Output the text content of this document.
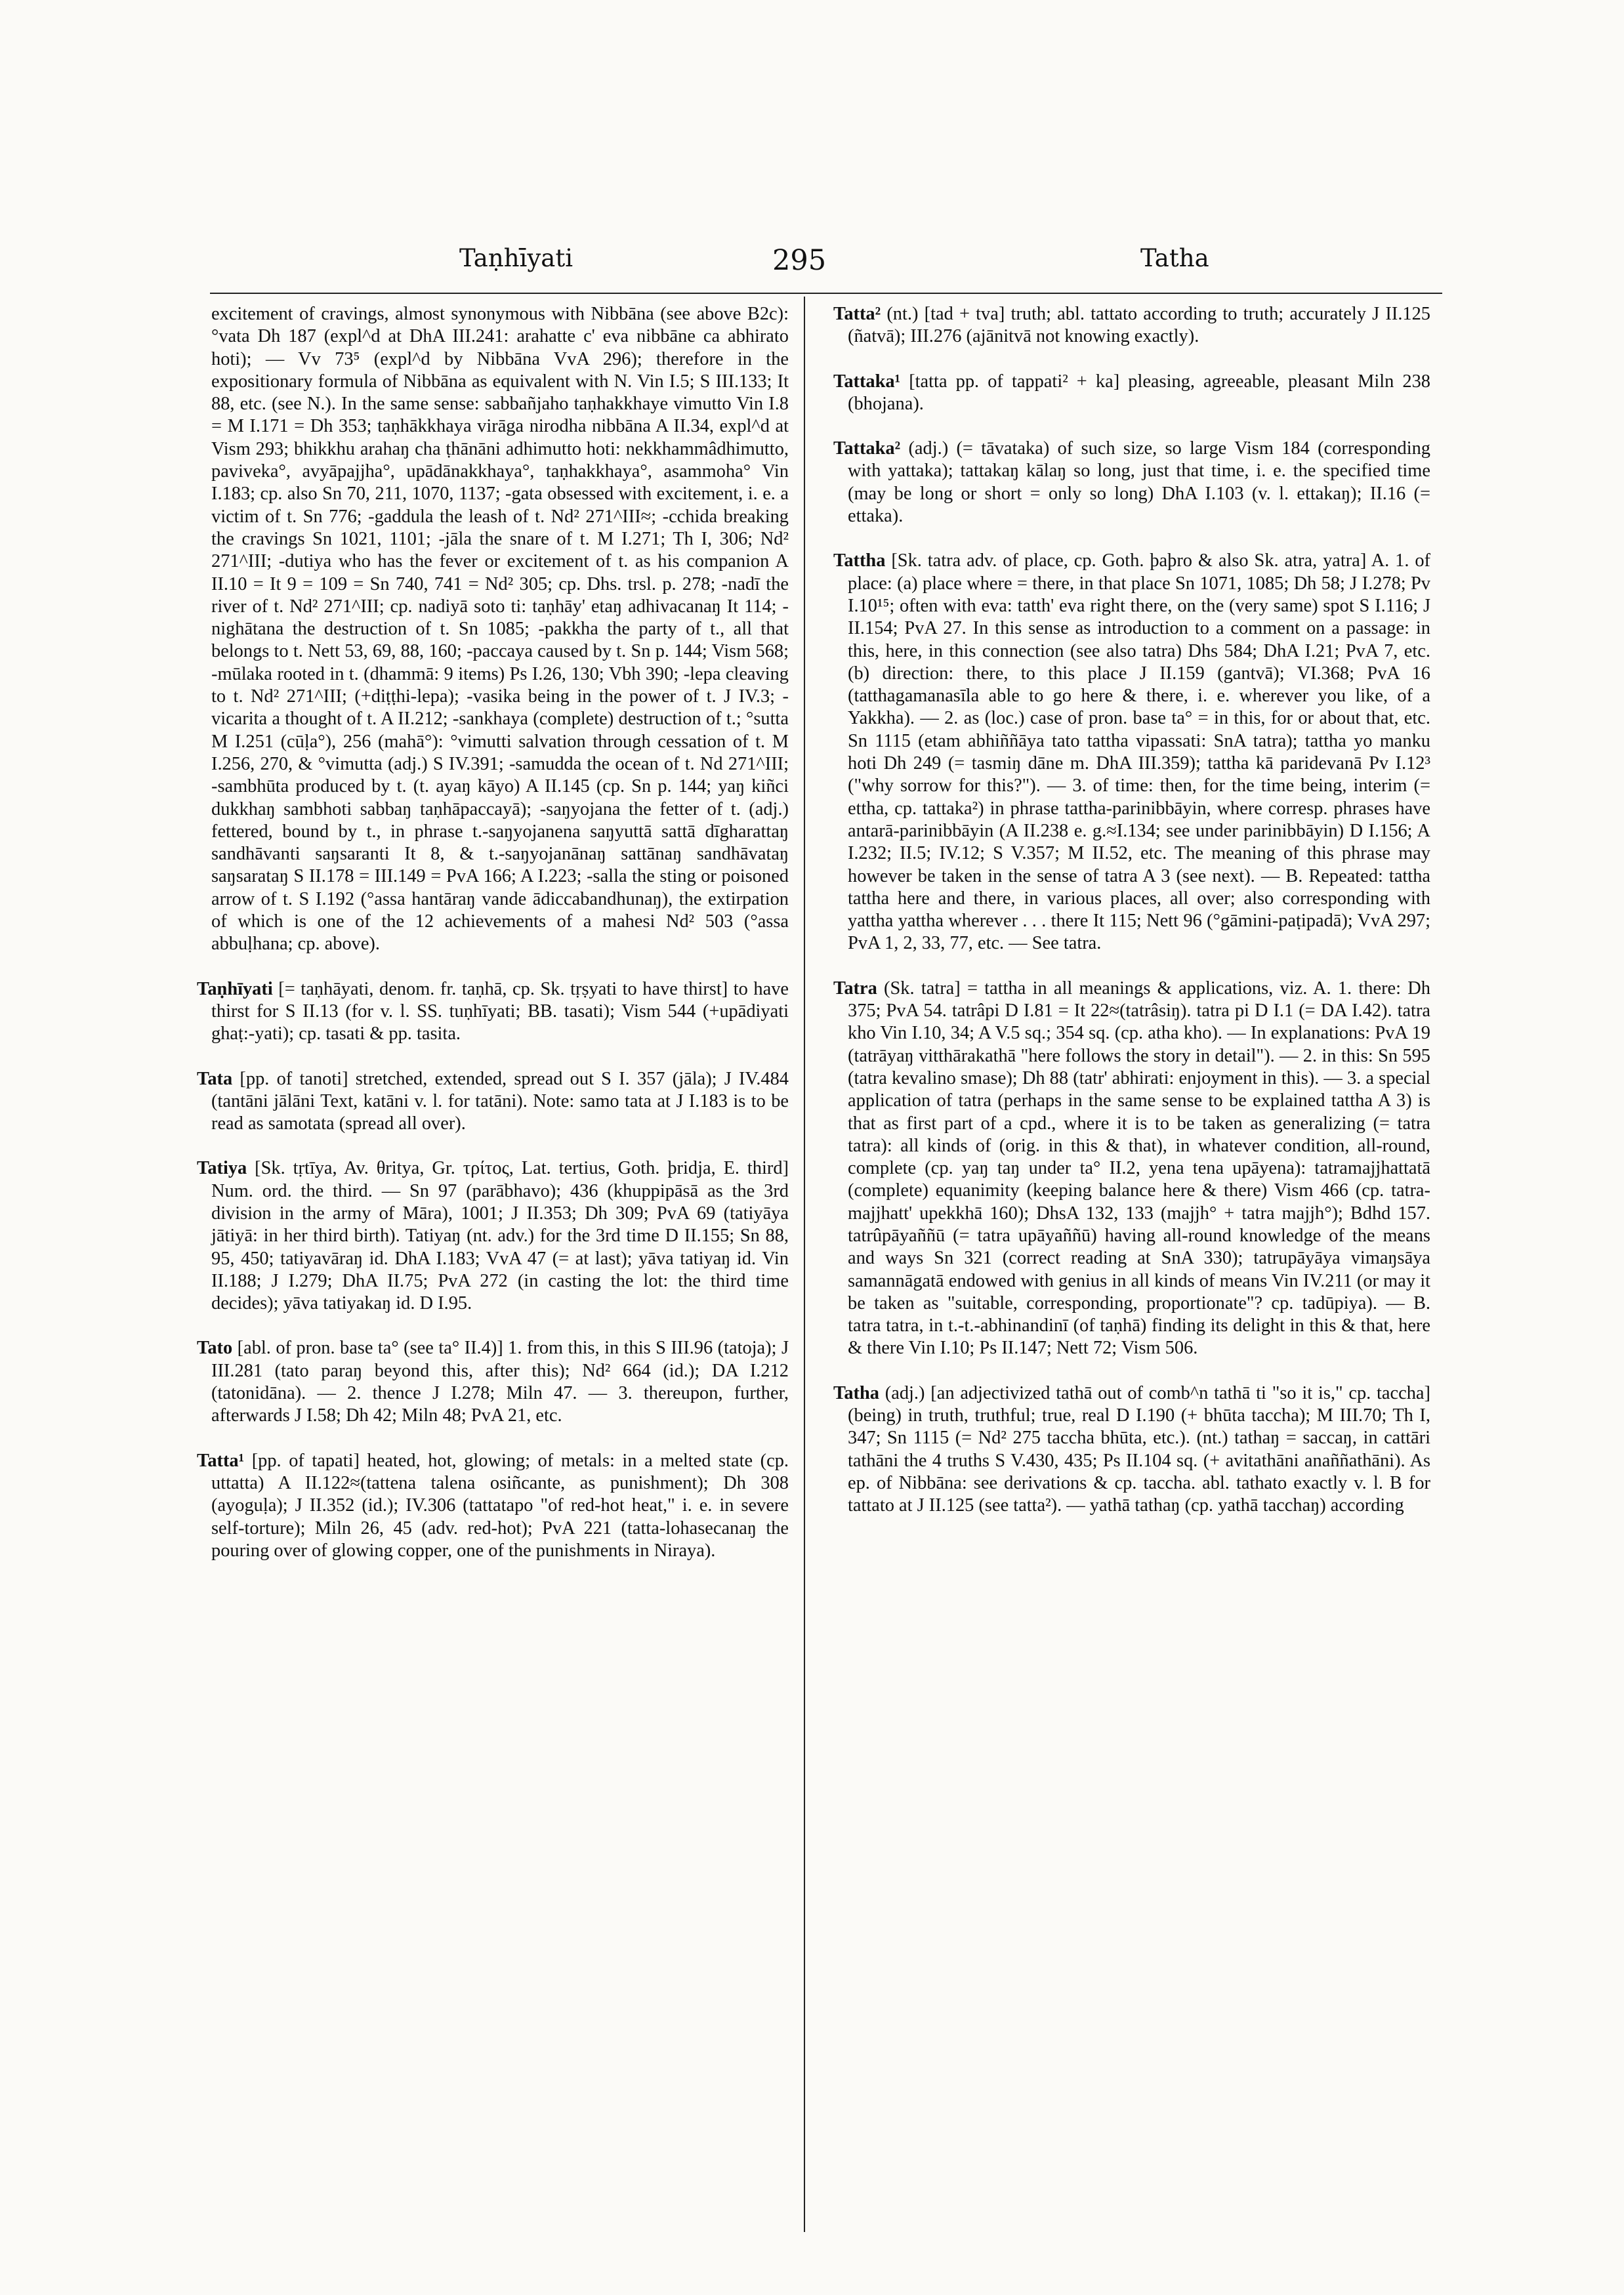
Taṇhīyati	295	Tatha

excitement of cravings, almost synonymous with Nibbāna (see above B2c): °vata Dh 187 (expl^d at DhA III.241: arahatte c' eva nibbāne ca abhirato hoti); — Vv 73⁵ (expl^d by Nibbāna VvA 296); therefore in the expositionary formula of Nibbāna as equivalent with N. Vin I.5; S III.133; It 88, etc. (see N.). In the same sense: sabbañjaho taṇhakkhaye vimutto Vin I.8 = M I.171 = Dh 353; taṇhākkhaya virāga nirodha nibbāna A II.34, expl^d at Vism 293; bhikkhu arahaŋ cha ṭhānāni adhimutto hoti: nekkhammâdhimutto, paviveka°, avyāpajjha°, upādānakkhaya°, taṇhakkhaya°, asammoha° Vin I.183; cp. also Sn 70, 211, 1070, 1137; -gata obsessed with excitement, i. e. a victim of t. Sn 776; -gaddula the leash of t. Nd² 271^III≈; -cchida breaking the cravings Sn 1021, 1101; -jāla the snare of t. M I.271; Th I, 306; Nd² 271^III; -dutiya who has the fever or excitement of t. as his companion A II.10 = It 9 = 109 = Sn 740, 741 = Nd² 305; cp. Dhs. trsl. p. 278; -nadī the river of t. Nd² 271^III; cp. nadiyā soto ti: taṇhāy' etaŋ adhivacanaŋ It 114; -nighātana the destruction of t. Sn 1085; -pakkha the party of t., all that belongs to t. Nett 53, 69, 88, 160; -paccaya caused by t. Sn p. 144; Vism 568; -mūlaka rooted in t. (dhammā: 9 items) Ps I.26, 130; Vbh 390; -lepa cleaving to t. Nd² 271^III; (+diṭṭhi-lepa); -vasika being in the power of t. J IV.3; -vicarita a thought of t. A II.212; -sankhaya (complete) destruction of t.; °sutta M I.251 (cūḷa°), 256 (mahā°): °vimutti salvation through cessation of t. M I.256, 270, & °vimutta (adj.) S IV.391; -samudda the ocean of t. Nd 271^III; -sambhūta produced by t. (t. ayaŋ kāyo) A II.145 (cp. Sn p. 144; yaŋ kiñci dukkhaŋ sambhoti sabbaŋ taṇhāpaccayā); -saŋyojana the fetter of t. (adj.) fettered, bound by t., in phrase t.-saŋyojanena saŋyuttā sattā dīgharattaŋ sandhāvanti saŋsaranti It 8, & t.-saŋyojanānaŋ sattānaŋ sandhāvataŋ saŋsarataŋ S II.178 = III.149 = PvA 166; A I.223; -salla the sting or poisoned arrow of t. S I.192 (°assa hantāraŋ vande ādiccabandhunaŋ), the extirpation of which is one of the 12 achievements of a mahesi Nd² 503 (°assa abbuḷhana; cp. above).

Taṇhīyati [= taṇhāyati, denom. fr. taṇhā, cp. Sk. tṛṣyati to have thirst] to have thirst for S II.13 (for v. l. SS. tuṇhīyati; BB. tasati); Vism 544 (+upādiyati ghaṭ:-yati); cp. tasati & pp. tasita.

Tata [pp. of tanoti] stretched, extended, spread out S I. 357 (jāla); J IV.484 (tantāni jālāni Text, katāni v. l. for tatāni). Note: samo tata at J I.183 is to be read as samotata (spread all over).

Tatiya [Sk. tṛtīya, Av. θritya, Gr. τρίτος, Lat. tertius, Goth. þridja, E. third] Num. ord. the third. — Sn 97 (parābhavo); 436 (khuppipāsā as the 3rd division in the army of Māra), 1001; J II.353; Dh 309; PvA 69 (tatiyāya jātiyā: in her third birth). Tatiyaŋ (nt. adv.) for the 3rd time D II.155; Sn 88, 95, 450; tatiyavāraŋ id. DhA I.183; VvA 47 (= at last); yāva tatiyaŋ id. Vin II.188; J I.279; DhA II.75; PvA 272 (in casting the lot: the third time decides); yāva tatiyakaŋ id. D I.95.

Tato [abl. of pron. base ta° (see ta° II.4)] 1. from this, in this S III.96 (tatoja); J III.281 (tato paraŋ beyond this, after this); Nd² 664 (id.); DA I.212 (tatonidāna). — 2. thence J I.278; Miln 47. — 3. thereupon, further, afterwards J I.58; Dh 42; Miln 48; PvA 21, etc.

Tatta¹ [pp. of tapati] heated, hot, glowing; of metals: in a melted state (cp. uttatta) A II.122≈(tattena talena osiñcante, as punishment); Dh 308 (ayoguḷa); J II.352 (id.); IV.306 (tattatapo "of red-hot heat," i. e. in severe self-torture); Miln 26, 45 (adv. red-hot); PvA 221 (tatta-lohasecanaŋ the pouring over of glowing copper, one of the punishments in Niraya).

Tatta² (nt.) [tad + tva] truth; abl. tattato according to truth; accurately J II.125 (ñatvā); III.276 (ajānitvā not knowing exactly).

Tattaka¹ [tatta pp. of tappati² + ka] pleasing, agreeable, pleasant Miln 238 (bhojana).

Tattaka² (adj.) (= tāvataka) of such size, so large Vism 184 (corresponding with yattaka); tattakaŋ kālaŋ so long, just that time, i. e. the specified time (may be long or short = only so long) DhA I.103 (v. l. ettakaŋ); II.16 (= ettaka).

Tattha [Sk. tatra adv. of place, cp. Goth. þaþro & also Sk. atra, yatra] A. 1. of place: (a) place where = there, in that place Sn 1071, 1085; Dh 58; J I.278; Pv I.10¹⁵; often with eva: tatth' eva right there, on the (very same) spot S I.116; J II.154; PvA 27. In this sense as introduction to a comment on a passage: in this, here, in this connection (see also tatra) Dhs 584; DhA I.21; PvA 7, etc. (b) direction: there, to this place J II.159 (gantvā); VI.368; PvA 16 (tatthagamanasīla able to go here & there, i. e. wherever you like, of a Yakkha). — 2. as (loc.) case of pron. base ta° = in this, for or about that, etc. Sn 1115 (etam abhiññāya tato tattha vipassati: SnA tatra); tattha yo manku hoti Dh 249 (= tasmiŋ dāne m. DhA III.359); tattha kā paridevanā Pv I.12³ ("why sorrow for this?"). — 3. of time: then, for the time being, interim (= ettha, cp. tattaka²) in phrase tattha-parinibbāyin, where corresp. phrases have antarā-parinibbāyin (A II.238 e. g.≈I.134; see under parinibbāyin) D I.156; A I.232; II.5; IV.12; S V.357; M II.52, etc. The meaning of this phrase may however be taken in the sense of tatra A 3 (see next). — B. Repeated: tattha tattha here and there, in various places, all over; also corresponding with yattha yattha wherever . . . there It 115; Nett 96 (°gāmini-paṭipadā); VvA 297; PvA 1, 2, 33, 77, etc. — See tatra.

Tatra (Sk. tatra] = tattha in all meanings & applications, viz. A. 1. there: Dh 375; PvA 54. tatrâpi D I.81 = It 22≈(tatrâsiŋ). tatra pi D I.1 (= DA I.42). tatra kho Vin I.10, 34; A V.5 sq.; 354 sq. (cp. atha kho). — In explanations: PvA 19 (tatrāyaŋ vitthārakathā "here follows the story in detail"). — 2. in this: Sn 595 (tatra kevalino smase); Dh 88 (tatr' abhirati: enjoyment in this). — 3. a special application of tatra (perhaps in the same sense to be explained tattha A 3) is that as first part of a cpd., where it is to be taken as generalizing (= tatra tatra): all kinds of (orig. in this & that), in whatever condition, all-round, complete (cp. yaŋ taŋ under ta° II.2, yena tena upāyena): tatramajjhattatā (complete) equanimity (keeping balance here & there) Vism 466 (cp. tatra-majjhatt' upekkhā 160); DhsA 132, 133 (majjh° + tatra majjh°); Bdhd 157. tatrûpāyaññū (= tatra upāyaññū) having all-round knowledge of the means and ways Sn 321 (correct reading at SnA 330); tatrupāyāya vimaŋsāya samannāgatā endowed with genius in all kinds of means Vin IV.211 (or may it be taken as "suitable, corresponding, proportionate"? cp. tadūpiya). — B. tatra tatra, in t.-t.-abhinandinī (of taṇhā) finding its delight in this & that, here & there Vin I.10; Ps II.147; Nett 72; Vism 506.

Tatha (adj.) [an adjectivized tathā out of comb^n tathā ti "so it is," cp. taccha] (being) in truth, truthful; true, real D I.190 (+ bhūta taccha); M III.70; Th I, 347; Sn 1115 (= Nd² 275 taccha bhūta, etc.). (nt.) tathaŋ = saccaŋ, in cattāri tathāni the 4 truths S V.430, 435; Ps II.104 sq. (+ avitathāni anaññathāni). As ep. of Nibbāna: see derivations & cp. taccha. abl. tathato exactly v. l. B for tattato at J II.125 (see tatta²). — yathā tathaŋ (cp. yathā tacchaŋ) according
